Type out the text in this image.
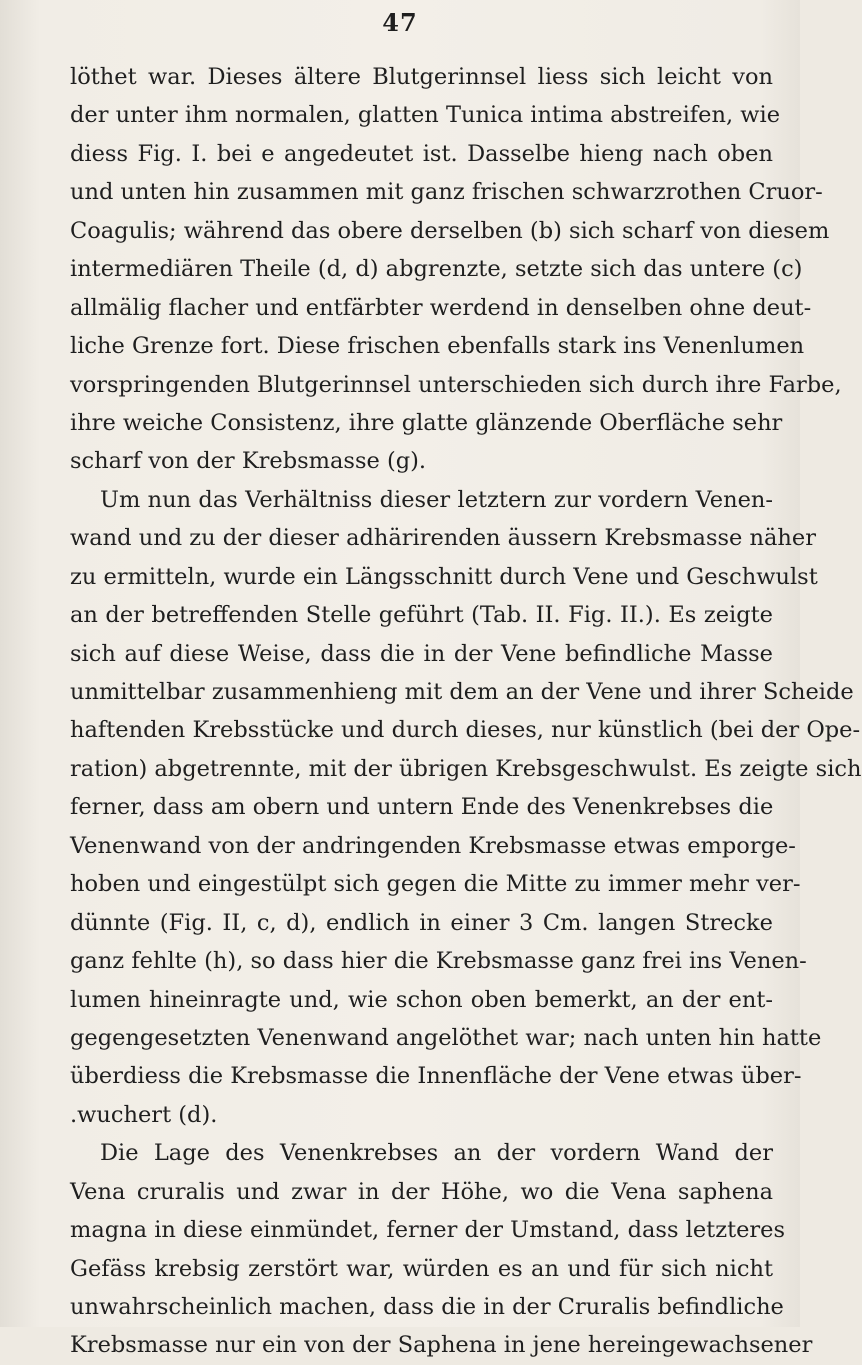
47
löthet war. Dieses ältere Blutgerinnsel liess sich leicht von
der unter ihm normalen, glatten Tunica intima abstreifen, wie
diess Fig. I. bei e angedeutet ist. Dasselbe hieng nach oben
und unten hin zusammen mit ganz frischen schwarzrothen Cruor-
Coagulis; während das obere derselben (b) sich scharf von diesem
intermediären Theile (d, d) abgrenzte, setzte sich das untere (c)
allmälig flacher und entfärbter werdend in denselben ohne deut-
liche Grenze fort. Diese frischen ebenfalls stark ins Venenlumen
vorspringenden Blutgerinnsel unterschieden sich durch ihre Farbe,
ihre weiche Consistenz, ihre glatte glänzende Oberfläche sehr
scharf von der Krebsmasse (g).
Um nun das Verhältniss dieser letztern zur vordern Venen-
wand und zu der dieser adhärirenden äussern Krebsmasse näher
zu ermitteln, wurde ein Längsschnitt durch Vene und Geschwulst
an der betreffenden Stelle geführt (Tab. II. Fig. II.). Es zeigte
sich auf diese Weise, dass die in der Vene befindliche Masse
unmittelbar zusammenhieng mit dem an der Vene und ihrer Scheide
haftenden Krebsstücke und durch dieses, nur künstlich (bei der Ope-
ration) abgetrennte, mit der übrigen Krebsgeschwulst. Es zeigte sich
ferner, dass am obern und untern Ende des Venenkrebses die
Venenwand von der andringenden Krebsmasse etwas emporge-
hoben und eingestülpt sich gegen die Mitte zu immer mehr ver-
dünnte (Fig. II, c, d), endlich in einer 3 Cm. langen Strecke
ganz fehlte (h), so dass hier die Krebsmasse ganz frei ins Venen-
lumen hineinragte und, wie schon oben bemerkt, an der ent-
gegengesetzten Venenwand angelöthet war; nach unten hin hatte
überdiess die Krebsmasse die Innenfläche der Vene etwas über-
.wuchert (d).
Die Lage des Venenkrebses an der vordern Wand der
Vena cruralis und zwar in der Höhe, wo die Vena saphena
magna in diese einmündet, ferner der Umstand, dass letzteres
Gefäss krebsig zerstört war, würden es an und für sich nicht
unwahrscheinlich machen, dass die in der Cruralis befindliche
Krebsmasse nur ein von der Saphena in jene hereingewachsener
